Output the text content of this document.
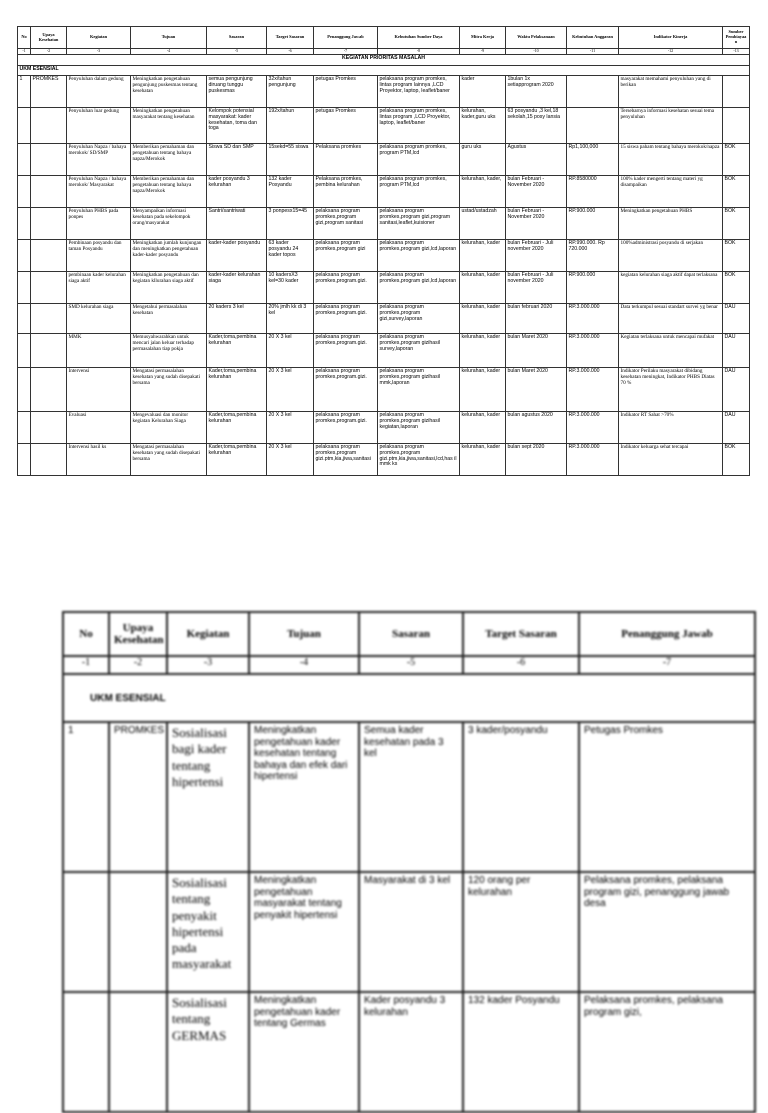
No	Upaya Kesehatan	Kegiatan	Tujuan	Sasaran	Target Sasaran	Penanggung Jawab	Kebutuhan Sumber Daya	Mitra Kerja	Waktu Pelaksanaan	Kebutuhan Anggaran	Indikator Kinerja	Sumber Pembiayaan
-1	-2	-3	-4	-5	-6	-7	-8	-9	-10	-11	-12	-13
KEGIATAN PRIORITAS MASALAH												
UKM ESENSIAL												
1	PROMKES	Penyuluhan dalam gedung	Meningkatkan pengetahuan pengunjung puskesmas tentang kesehatan	semua pengunjung diruang tunggu puskesmas	32x/tahun pengunjung	petugas Promkes	pelaksana program promkes, lintas program lainnya ,LCD Proyektor, laptop, leaflet/baner	kader	1bulan 1x setiapprogram 2020		masyarakat memahami penyuluhan yang di berikan	
		Penyuluhan luar gedung	Meningkatkan pengetahuan masyarakat tentang kesehatan	Kelompok potensial masyarakat: kader kesehatan, toma dan toga	192x/tahun	petugas Promkes	pelaksana program promkes, lintas program ,LCD Proyektor, laptop, leaflet/baner	kelurahan, kader,guru uks	63 posyandu ,3 kel,18 sekolah,15 posy lansia		Tersebarnya informasi kesehatan sesuai tema penyuluhan	
		Penyuluhan Napza / bahaya merokok/ SD/SMP	Memberikan pemahaman dan pengetahuan tentang bahaya napza/Merokok	Siswa SD dan SMP	15sekd=55 siswa	Pelaksana promkes	pelaksana program promkes, program PTM,lcd	guru uks	Agustus	Rp1,100,000	15 siswa paham tentang bahaya merokok/napza	BOK
		Penyuluhan Napza / bahaya merokok/ Masyarakat	Memberikan pemahaman dan pengetahuan tentang bahaya napza/Merokok	kader posyandu 3 kelurahan	132 kader Posyandu	Pelaksana promkes, pembina kelurahan	pelaksana program promkes, program PTM,lcd	kelurahan, kader,	bulan Februari - November 2020	RP.8580000	100% kader mengerti tentang materi yg disampaikan	BOK
		Penyuluhan PHBS pada ponpes	Menyampaikan informasi kesehatan pada sekelompok orang/masyarakat	Santri/santriwati	3 ponpesx15=45	pelaksana program promkes,program gizi,program sanitasi	pelaksana program promkes,program gizi,program sanitasi,leaflet,kuisioner	ustad/ustadzah	bulan Februari - November 2020	RP.900.000	Meningkatkan pengetahuan PHBS	BOK
		Pembinaan posyandu dan taman Posyandu	Meningkatkan jumlah kunjungan dan meningkatkan pengetahuan kader-kader posyandu	kader-kader posyandu	63 kader posyandu 24 kader topos	pelaksana program promkes,program gizi	pelaksana program promkes,program gizi,lcd,laporan	kelurahan, kader	bulan Februari - Juli november 2020	RP.990.000. Rp 720.000	100%administrasi posyandu di serjakan	BOK
		pembinaan kader kelurahan siaga aktif	Meningkatkan pengetahuan dan kegiatan kllurahan siaga aktif	kader-kader kelurahan siaga	10 kadersX3 kel=30 kader	pelaksana program promkes,program.gizi.	pelaksana program promkes,program gizi,lcd,laporan	kelurahan, kader	bulan Februari - Juli november 2020	RP.900.000	kegiatan kelurahan siaga aktif dapat terlaksana	BOK
		SMD kelurahan siaga	Mengetahui permasalahan kesehatan	20 kaders 3 kel	20% jmlh kk di 3 kel	pelaksana program promkes,program.gizi.	pelaksana program promkes,program gizi,survey,laporan	kelurahan, kader	bulan februari 2020	RP.3.000.000	Data terkumpul sesuai standart survei yg benar	DAU
		MMK	Memusyahwarahkan untuk mencari jalan keluar terhadap permasalahan tiap pokja	Kader,toma,pembina kelurahan	20 X 3 kel	pelaksana program promkes,program.gizi.	pelaksana program promkes,program gizihasil survey,laporan	kelurahan, kader	bulan Maret 2020	RP.3.000.000	Kegiatan terlaksana untuk mencapai mufakat	DAU
		Intervensi	Mengatasi permasalahan kesehatan yang sudah disepakati bersama	Kader,toma,pembina kelurahan	20 X 3 kel	pelaksana program promkes,program.gizi.	pelaksana program promkes,program gizihasil mmk,laporan	kelurahan, kader	bulan Maret 2020	RP.3.000.000	Indikator Perilaku masyarakat dibidang kesehatan meningkat, Indikator PHBS Diatas 70 %	DAU
		Evaluasi	Mengevaluasi dan monitor kegiatan Kelurahan Siaga	Kader,toma,pembina kelurahan	20 X 3 kel	pelaksana program promkes,program.gizi.	pelaksana program promkes,program gizihasil kegiatan,laporan	kelurahan, kader	bulan agustus 2020	RP.3.000.000	Indikator RT Sahat >70%	DAU
		Intervensi hasil ks	Mengatasi permasalahan kesehatan yang sudah disepakati bersama	Kader,toma,pembina kelurahan	20 X 3 kel	pelaksana program promkes,program gizi.ptm,kia,jiwa,sanitasi	pelaksana program promkes,program gizi.ptm,kia,jiwa,sanitasi,lcd,has il mmk ks	kelurahan, kader	bulan sept 2020	RP.3.000.000	Indikator keluarga sehat tercapai	BOK
No	Upaya Kesehatan	Kegiatan	Tujuan	Sasaran	Target Sasaran	Penanggung Jawab
-1	-2	-3	-4	-5	-6	-7
UKM ESENSIAL						
1	PROMKES	Sosialisasi bagi kader tentang hipertensi	Meningkatkan pengetahuan kader kesehatan tentang bahaya dan efek dari hipertensi	Semua kader kesehatan pada 3 kel	3 kader/posyandu	Petugas Promkes
		Sosialisasi tentang penyakit hipertensi pada masyarakat	Meningkatkan pengetahuan masyarakat tentang penyakit hipertensi	Masyarakat di 3 kel	120 orang per kelurahan	Pelaksana promkes, pelaksana program gizi, penanggung jawab desa
		Sosialisasi tentang GERMAS	Meningkatkan pengetahuan kader tentang Germas	Kader posyandu 3 kelurahan	132 kader Posyandu	Pelaksana promkes, pelaksana program gizi,
